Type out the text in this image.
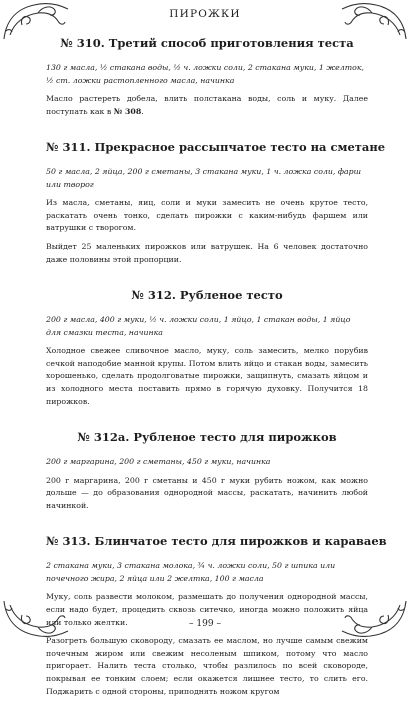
ПИРОЖКИ
№ 310. Третий способ приготовления теста

130 г масла, ½ стакана воды, ½ ч. ложки соли, 2 стакана муки, 1 желток, ½ ст. ложки растопленного масла, начинка

Масло растереть добела, влить полстакана воды, соль и муку. Далее поступать как в № 308.

№ 311. Прекрасное рассыпчатое тесто на сметане

50 г масла, 2 яйца, 200 г сметаны, 3 стакана муки, 1 ч. ложка соли, фарш или творог

Из масла, сметаны, яиц, соли и муки замесить не очень крутое тесто, раскатать очень тонко, сделать пирожки с каким-нибудь фаршем или ватрушки с творогом.

Выйдет 25 маленьких пирожков или ватрушек. На 6 человек достаточно даже половины этой пропорции.

№ 312. Рубленое тесто

200 г масла, 400 г муки, ½ ч. ложки соли, 1 яйцо, 1 стакан воды, 1 яйцо для смазки теста, начинка

Холодное свежее сливочное масло, муку, соль замесить, мелко порубив сечкой наподобие манной крупы. Потом влить яйцо и стакан воды, замесить хорошенько, сделать продолговатые пирожки, защипнуть, смазать яйцом и из холодного места поставить прямо в горячую духовку. Получится 18 пирожков.

№ 312а. Рубленое тесто для пирожков

200 г маргарина, 200 г сметаны, 450 г муки, начинка

200 г маргарина, 200 г сметаны и 450 г муки рубить ножом, как можно дольше — до образования однородной массы, раскатать, начинить любой начинкой.

№ 313. Блинчатое тесто для пирожков и караваев

2 стакана муки, 3 стакана молока, ¾ ч. ложки соли, 50 г шпика или почечного жира, 2 яйца или 2 желтка, 100 г масла

Муку, соль развести молоком, размешать до получения однородной массы, если надо будет, процедить сквозь ситечко, иногда можно положить яйца или только желтки.

Разогреть большую сковороду, смазать ее маслом, но лучше самым свежим почечным жиром или свежим несоленым шпиком, потому что масло пригорает. Налить теста столько, чтобы разлилось по всей сковороде, покрывая ее тонким слоем; если окажется лишнее тесто, то слить его. Поджарить с одной стороны, приподнять ножом кругом

– 199 –
